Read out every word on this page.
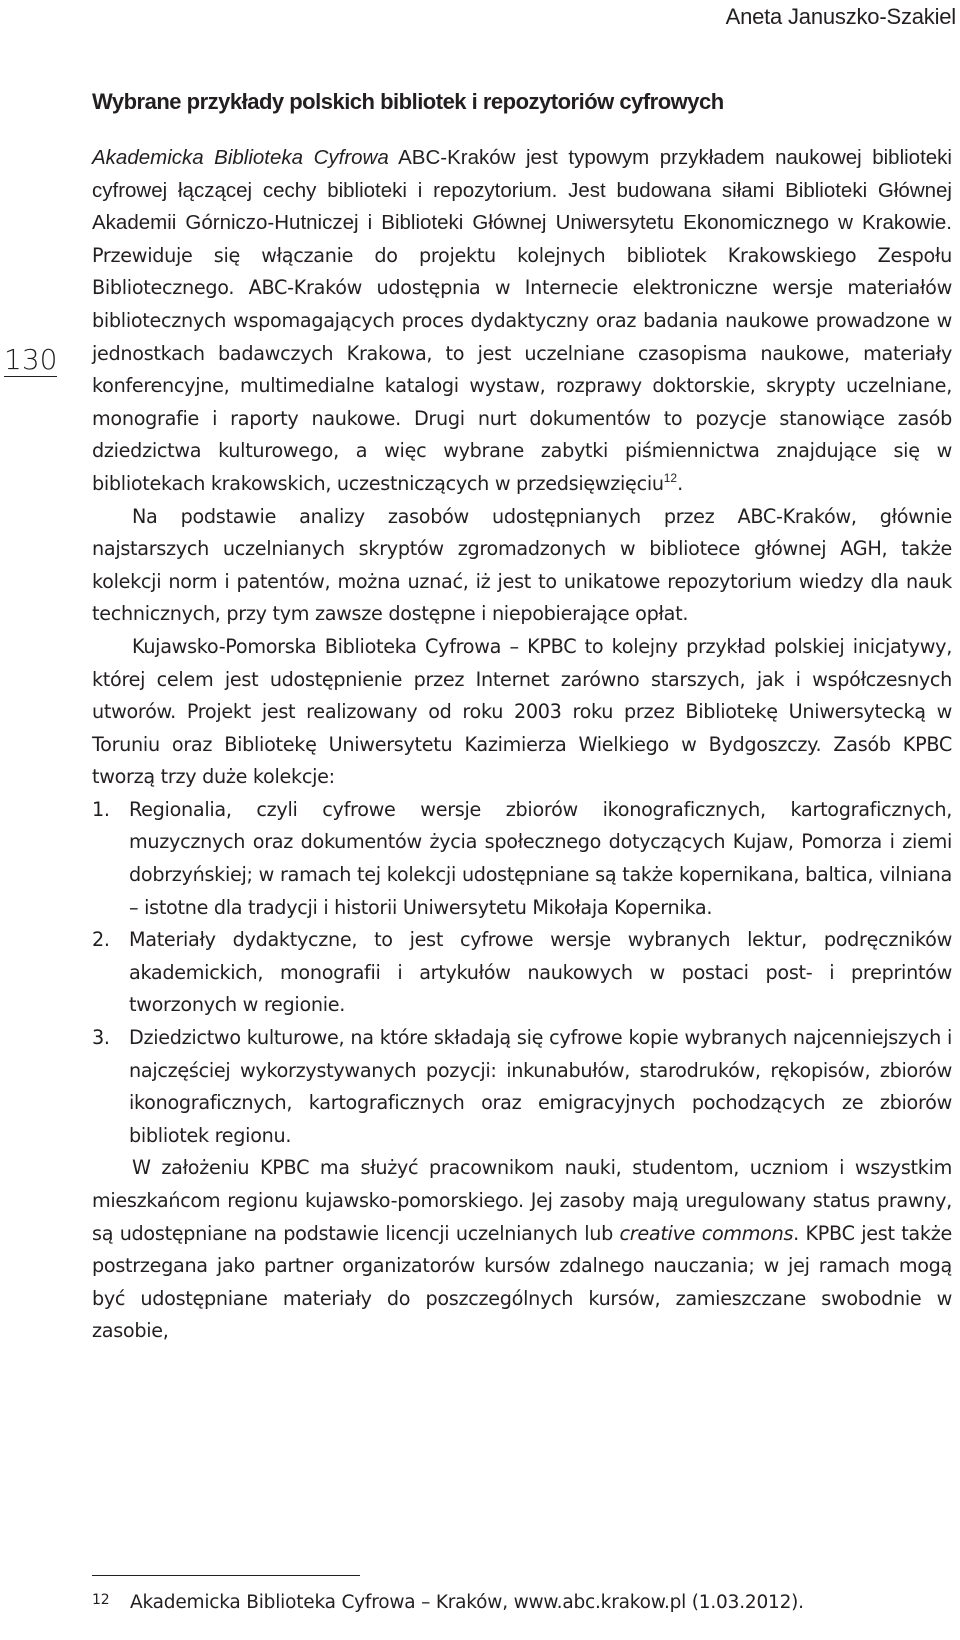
Aneta Januszko-Szakiel
130
Wybrane przykłady polskich bibliotek i repozytoriów cyfrowych

Akademicka Biblioteka Cyfrowa ABC-Kraków jest typowym przykładem naukowej biblioteki cyfrowej łączącej cechy biblioteki i repozytorium. Jest budowana siłami Biblioteki Głównej Akademii Górniczo-Hutniczej i Biblioteki Głównej Uniwersytetu Ekonomicznego w Krakowie. Przewiduje się włączanie do projektu kolejnych bibliotek Krakowskiego Zespołu Bibliotecznego. ABC-Kraków udostępnia w Internecie elektroniczne wersje materiałów bibliotecznych wspomagających proces dydaktyczny oraz badania naukowe prowadzone w jednostkach badawczych Krakowa, to jest uczelniane czasopisma naukowe, materiały konferencyjne, multimedialne katalogi wystaw, rozprawy doktorskie, skrypty uczelniane, monografie i raporty naukowe. Drugi nurt dokumentów to pozycje stanowiące zasób dziedzictwa kulturowego, a więc wybrane zabytki piśmiennictwa znajdujące się w bibliotekach krakowskich, uczestniczących w przedsięwzięciu$^{12}$.

Na podstawie analizy zasobów udostępnianych przez ABC-Kraków, głównie najstarszych uczelnianych skryptów zgromadzonych w bibliotece głównej AGH, także kolekcji norm i patentów, można uznać, iż jest to unikatowe repozytorium wiedzy dla nauk technicznych, przy tym zawsze dostępne i niepobierające opłat.

Kujawsko-Pomorska Biblioteka Cyfrowa – KPBC to kolejny przykład polskiej inicjatywy, której celem jest udostępnienie przez Internet zarówno starszych, jak i współczesnych utworów. Projekt jest realizowany od roku 2003 roku przez Bibliotekę Uniwersytecką w Toruniu oraz Bibliotekę Uniwersytetu Kazimierza Wielkiego w Bydgoszczy. Zasób KPBC tworzą trzy duże kolekcje:

1. Regionalia, czyli cyfrowe wersje zbiorów ikonograficznych, kartograficznych, muzycznych oraz dokumentów życia społecznego dotyczących Kujaw, Pomorza i ziemi dobrzyńskiej; w ramach tej kolekcji udostępniane są także kopernikana, baltica, vilniana – istotne dla tradycji i historii Uniwersytetu Mikołaja Kopernika.
2. Materiały dydaktyczne, to jest cyfrowe wersje wybranych lektur, podręczników akademickich, monografii i artykułów naukowych w postaci post- i preprintów tworzonych w regionie.
3. Dziedzictwo kulturowe, na które składają się cyfrowe kopie wybranych najcenniejszych i najczęściej wykorzystywanych pozycji: inkunabułów, starodruków, rękopisów, zbiorów ikonograficznych, kartograficznych oraz emigracyjnych pochodzących ze zbiorów bibliotek regionu.

W założeniu KPBC ma służyć pracownikom nauki, studentom, uczniom i wszystkim mieszkańcom regionu kujawsko-pomorskiego. Jej zasoby mają uregulowany status prawny, są udostępniane na podstawie licencji uczelnianych lub creative commons. KPBC jest także postrzegana jako partner organizatorów kursów zdalnego nauczania; w jej ramach mogą być udostępniane materiały do poszczególnych kursów, zamieszczane swobodnie w zasobie,

12 Akademicka Biblioteka Cyfrowa – Kraków, www.abc.krakow.pl (1.03.2012).
